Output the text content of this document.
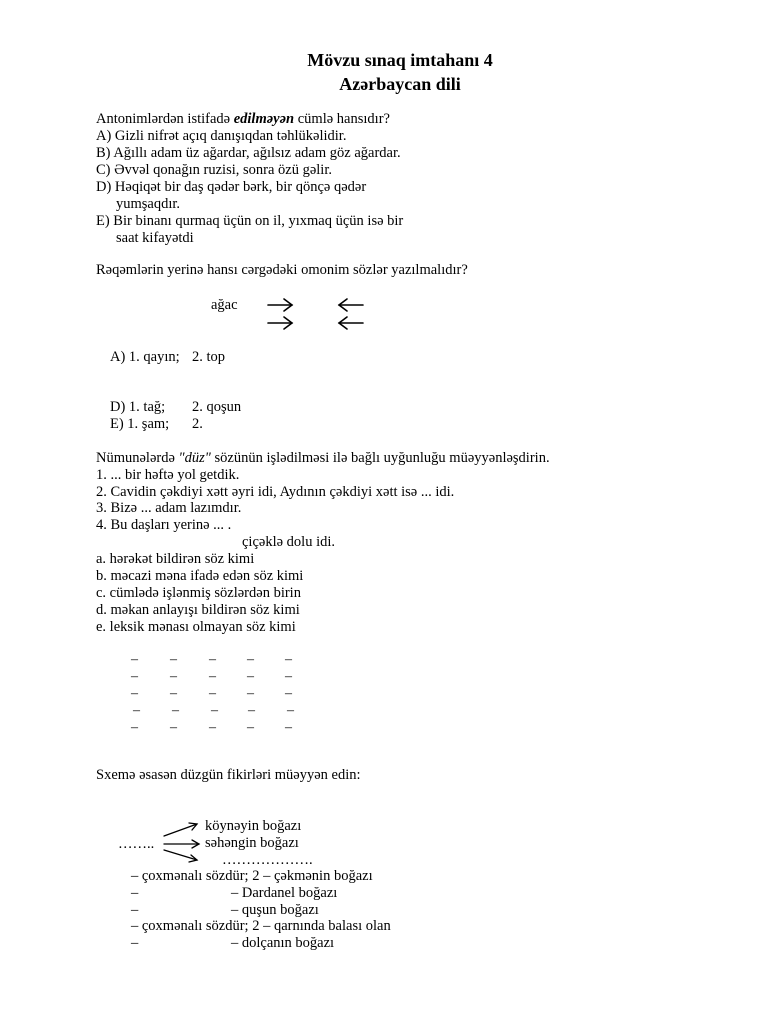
Mövzu sınaq imtahanı 4
Azərbaycan dili
Antonimlərdən istifadə edilməyən cümlə hansıdır?
A) Gizli nifrət açıq danışıqdan təhlükəlidir.
B) Ağıllı adam üz ağardar, ağılsız adam göz ağardar.
C) Əvvəl qonağın ruzisi, sonra özü gəlir.
D) Həqiqət bir daş qədər bərk, bir qönçə qədər
yumşaqdır.
E) Bir binanı qurmaq üçün on il, yıxmaq üçün isə bir
saat kifayətdi
Rəqəmlərin yerinə hansı cərgədəki omonim sözlər yazılmalıdır?
ağac
A) 1. qayın; 2. top
D) 1. tağ; 2. qoşun
E) 1. şam; 2.
Nümunələrdə "düz" sözünün işlədilməsi ilə bağlı uyğunluğu müəyyənləşdirin.
1. ... bir həftə yol getdik.
2. Cavidin çəkdiyi xətt əyri idi, Aydının çəkdiyi xətt isə ... idi.
3. Bizə ... adam lazımdır.
4. Bu daşları yerinə ... .
çiçəklə dolu idi.
a. hərəkət bildirən söz kimi
b. məcazi məna ifadə edən söz kimi
c. cümlədə işlənmiş sözlərdən birin
d. məkan anlayışı bildirən söz kimi
e. leksik mənası olmayan söz kimi
– – – – –
– – – – –
– – – – –
– – – – –
– – – – –
Sxemə əsasən düzgün fikirləri müəyyən edin:
……..
köynəyin boğazı
səhəngin boğazı
……………….
– çoxmənalı sözdür; 2 – çəkmənin boğazı
–	– Dardanel boğazı
–	– quşun boğazı
– çoxmənalı sözdür; 2 – qarnında balası olan
–	– dolçanın boğazı
